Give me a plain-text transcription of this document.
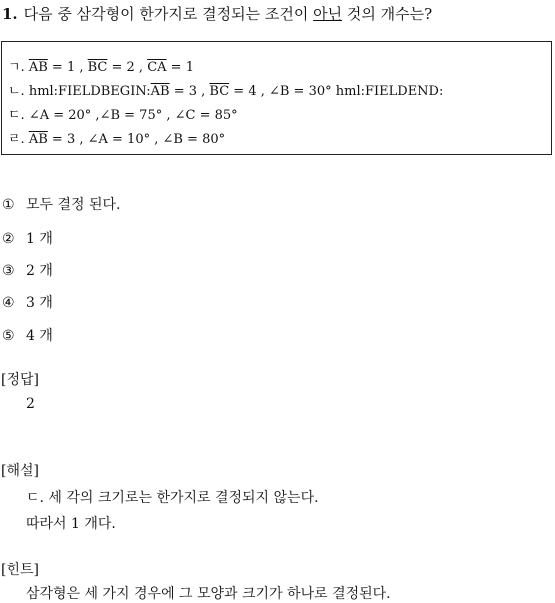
1. 다음 중 삼각형이 한가지로 결정되는 조건이 아닌 것의 개수는?
ㄱ. $\overline{AB} = 1$ , $\overline{BC} = 2$ , $\overline{CA} = 1$
ㄴ. $hml:FIELDBEGIN:\overline{AB} = 3$ , $\overline{BC} = 4$ , ∠B = 30° hml:FIELDEND:
ㄷ. ∠A = 20° ,∠B = 75° , ∠C = 85°
ㄹ. $\overline{AB} = 3$ , ∠A = 10° , ∠B = 80°
① 모두 결정 된다.
② 1 개
③ 2 개
④ 3 개
⑤ 4 개
[정답]
2
[해설]
ㄷ. 세 각의 크기로는 한가지로 결정되지 않는다.
따라서 1 개다.
[힌트]
삼각형은 세 가지 경우에 그 모양과 크기가 하나로 결정된다.
